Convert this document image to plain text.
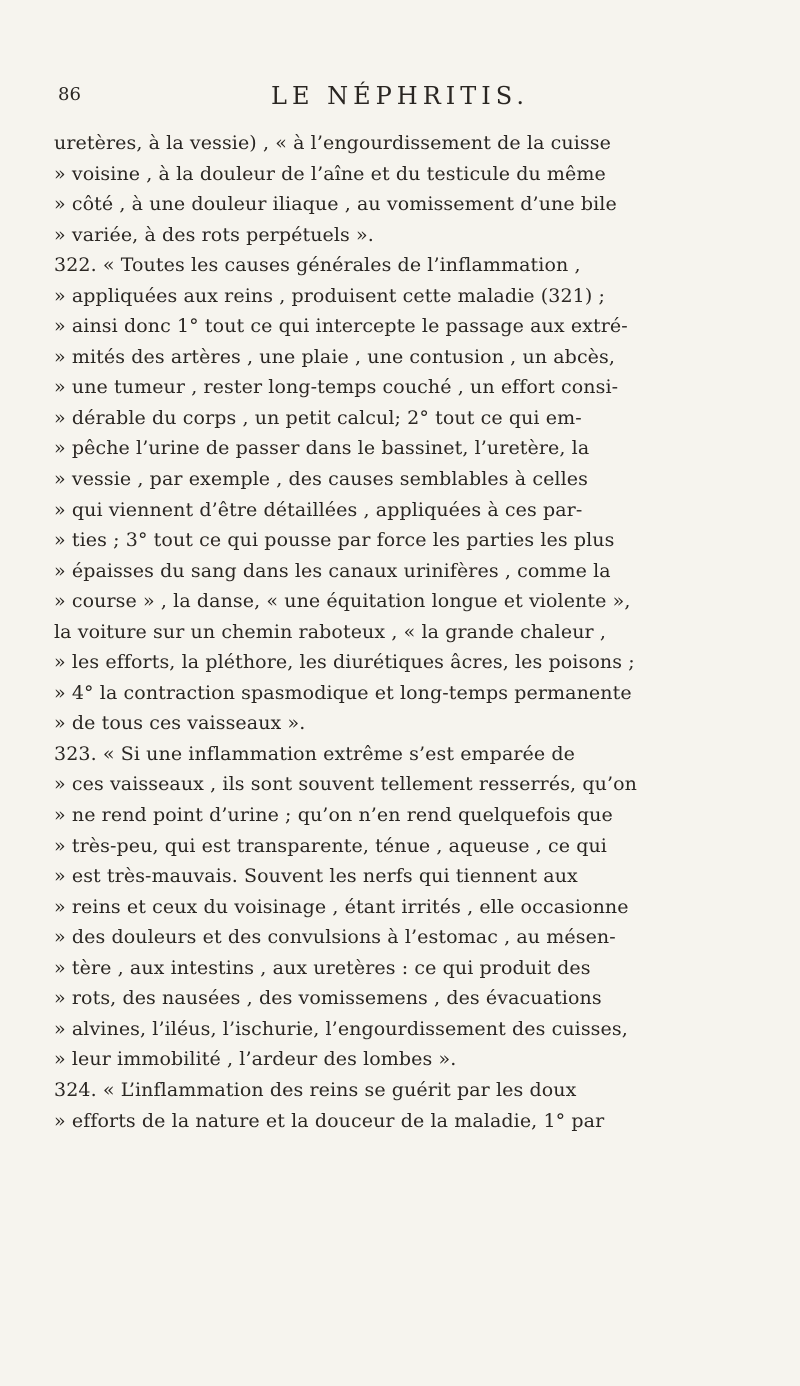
86	LE NÉPHRITIS.
uretères, à la vessie) , « à l’engourdissement de la cuisse
» voisine , à la douleur de l’aîne et du testicule du même
» côté , à une douleur iliaque , au vomissement d’une bile
» variée, à des rots perpétuels ».
322. « Toutes les causes générales de l’inflammation ,
» appliquées aux reins , produisent cette maladie (321) ;
» ainsi donc 1° tout ce qui intercepte le passage aux extré-
» mités des artères , une plaie , une contusion , un abcès,
» une tumeur , rester long-temps couché , un effort consi-
» dérable du corps , un petit calcul; 2° tout ce qui em-
» pêche l’urine de passer dans le bassinet, l’uretère, la
» vessie , par exemple , des causes semblables à celles
» qui viennent d’être détaillées , appliquées à ces par-
» ties ; 3° tout ce qui pousse par force les parties les plus
» épaisses du sang dans les canaux urinifères , comme la
» course » , la danse, « une équitation longue et violente »,
la voiture sur un chemin raboteux , « la grande chaleur ,
» les efforts, la pléthore, les diurétiques âcres, les poisons ;
» 4° la contraction spasmodique et long-temps permanente
» de tous ces vaisseaux ».
323. « Si une inflammation extrême s’est emparée de
» ces vaisseaux , ils sont souvent tellement resserrés, qu’on
» ne rend point d’urine ; qu’on n’en rend quelquefois que
» très-peu, qui est transparente, ténue , aqueuse , ce qui
» est très-mauvais. Souvent les nerfs qui tiennent aux
» reins et ceux du voisinage , étant irrités , elle occasionne
» des douleurs et des convulsions à l’estomac , au mésen-
» tère , aux intestins , aux uretères : ce qui produit des
» rots, des nausées , des vomissemens , des évacuations
» alvines, l’iléus, l’ischurie, l’engourdissement des cuisses,
» leur immobilité , l’ardeur des lombes ».
324. « L’inflammation des reins se guérit par les doux
» efforts de la nature et la douceur de la maladie, 1° par
